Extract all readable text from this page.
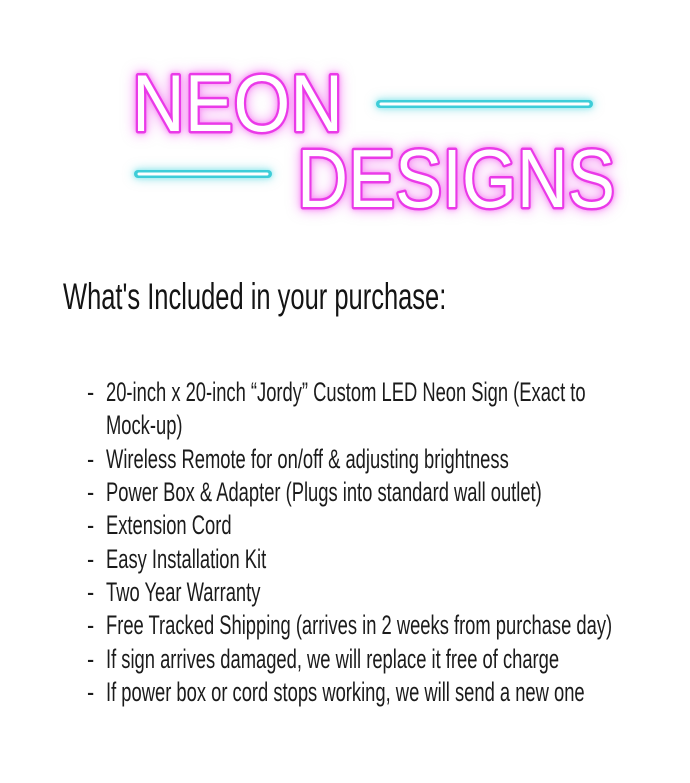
NEON
DESIGNS
What's Included in your purchase:
- 20-inch x 20-inch “Jordy” Custom LED Neon Sign (Exact to
Mock-up)
- Wireless Remote for on/off & adjusting brightness
- Power Box & Adapter (Plugs into standard wall outlet)
- Extension Cord
- Easy Installation Kit
- Two Year Warranty
- Free Tracked Shipping (arrives in 2 weeks from purchase day)
- If sign arrives damaged, we will replace it free of charge
- If power box or cord stops working, we will send a new one
